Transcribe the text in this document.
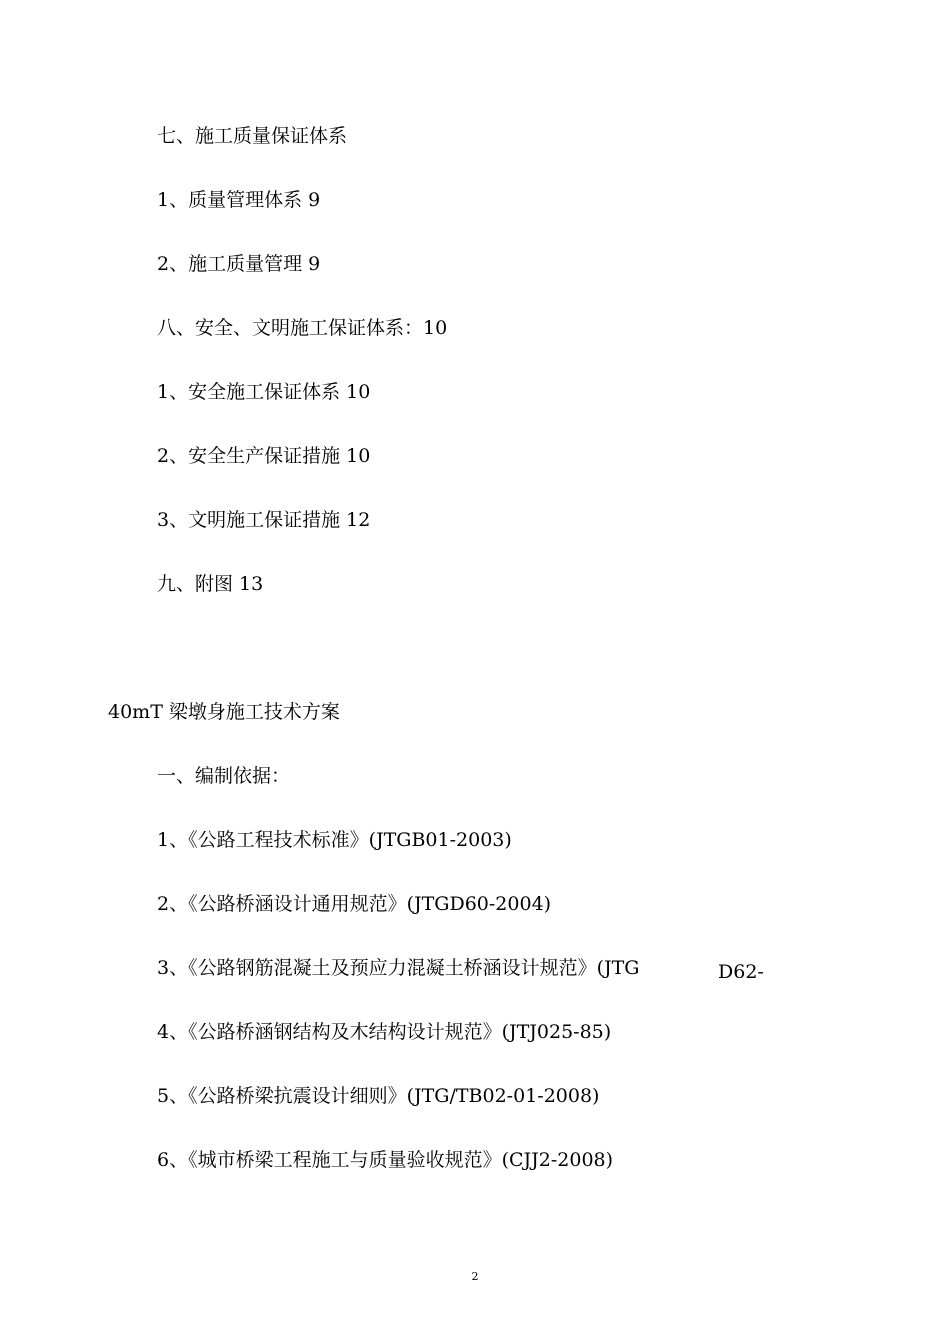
七、施工质量保证体系
1、质量管理体系 9
2、施工质量管理 9
八、安全、文明施工保证体系：10
1、安全施工保证体系 10
2、安全生产保证措施 10
3、文明施工保证措施 12
九、附图 13
40mT 梁墩身施工技术方案
一、编制依据：
1、《公路工程技术标准》(JTGB01-2003)
2、《公路桥涵设计通用规范》(JTGD60-2004)
3、《公路钢筋混凝土及预应力混凝土桥涵设计规范》(JTG	D62-
4、《公路桥涵钢结构及木结构设计规范》(JTJ025-85)
5、《公路桥梁抗震设计细则》(JTG/TB02-01-2008)
6、《城市桥梁工程施工与质量验收规范》(CJJ2-2008)
2
